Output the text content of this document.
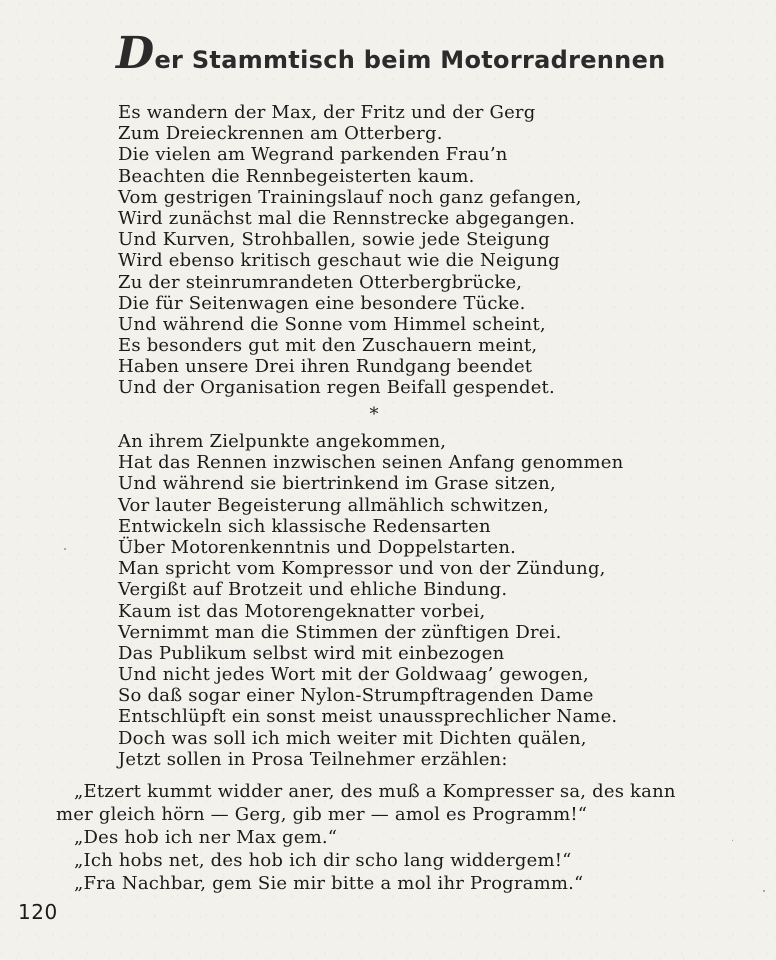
Der Stammtisch beim Motorradrennen
Es wandern der Max, der Fritz und der Gerg
Zum Dreieckrennen am Otterberg.
Die vielen am Wegrand parkenden Frau’n
Beachten die Rennbegeisterten kaum.
Vom gestrigen Trainingslauf noch ganz gefangen,
Wird zunächst mal die Rennstrecke abgegangen.
Und Kurven, Strohballen, sowie jede Steigung
Wird ebenso kritisch geschaut wie die Neigung
Zu der steinrumrandeten Otterbergbrücke,
Die für Seitenwagen eine besondere Tücke.
Und während die Sonne vom Himmel scheint,
Es besonders gut mit den Zuschauern meint,
Haben unsere Drei ihren Rundgang beendet
Und der Organisation regen Beifall gespendet.
*
An ihrem Zielpunkte angekommen,
Hat das Rennen inzwischen seinen Anfang genommen
Und während sie biertrinkend im Grase sitzen,
Vor lauter Begeisterung allmählich schwitzen,
Entwickeln sich klassische Redensarten
Über Motorenkenntnis und Doppelstarten.
Man spricht vom Kompressor und von der Zündung,
Vergißt auf Brotzeit und ehliche Bindung.
Kaum ist das Motorengeknatter vorbei,
Vernimmt man die Stimmen der zünftigen Drei.
Das Publikum selbst wird mit einbezogen
Und nicht jedes Wort mit der Goldwaag’ gewogen,
So daß sogar einer Nylon-Strumpftragenden Dame
Entschlüpft ein sonst meist unaussprechlicher Name.
Doch was soll ich mich weiter mit Dichten quälen,
Jetzt sollen in Prosa Teilnehmer erzählen:
„Etzert kummt widder aner, des muß a Kompresser sa, des kann
mer gleich hörn — Gerg, gib mer — amol es Programm!“
„Des hob ich ner Max gem.“
„Ich hobs net, des hob ich dir scho lang widdergem!“
„Fra Nachbar, gem Sie mir bitte a mol ihr Programm.“
120
